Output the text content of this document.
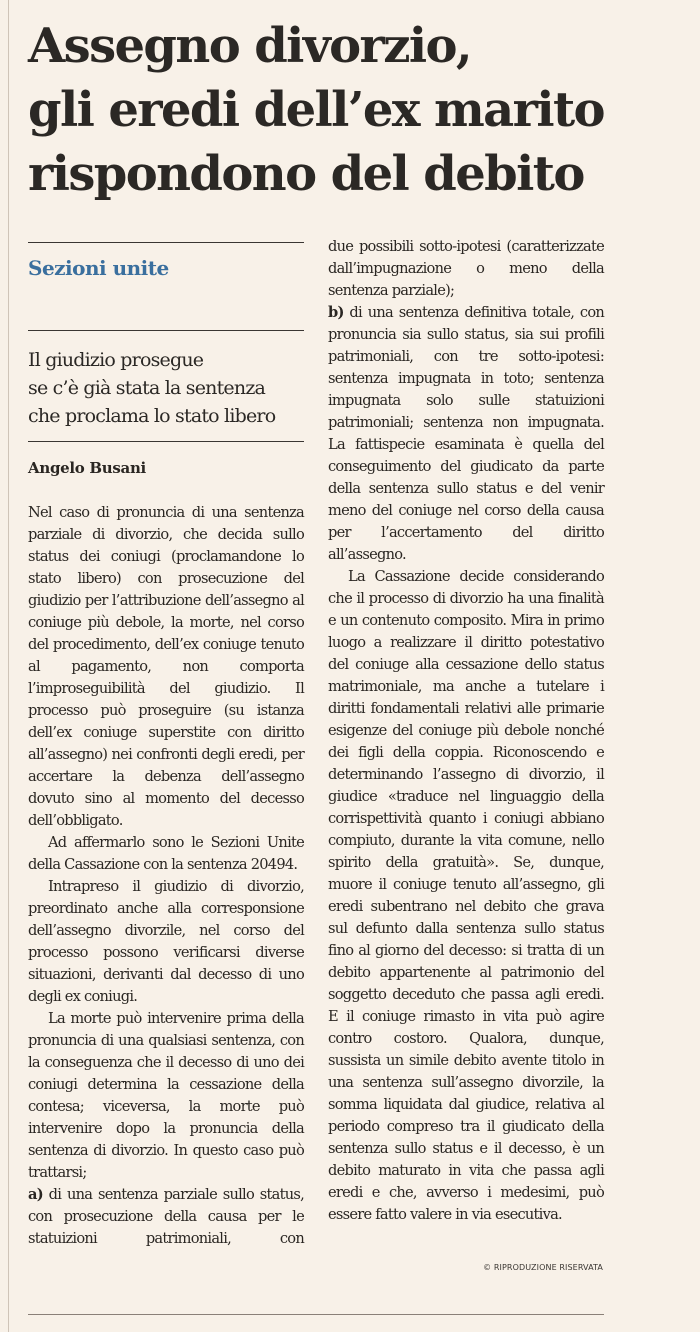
Assegno divorzio,
gli eredi dell’ex marito
rispondono del debito
Sezioni unite
Il giudizio prosegue
se c’è già stata la sentenza
che proclama lo stato libero
Angelo Busani

Nel caso di pronuncia di una sentenza parziale di divorzio, che decida sullo status dei coniugi (proclamandone lo stato libero) con prosecuzione del giudizio per l’attribuzione dell’assegno al coniuge più debole, la morte, nel corso del procedimento, dell’ex coniuge tenuto al pagamento, non comporta l’improseguibilità del giudizio. Il processo può proseguire (su istanza dell’ex coniuge superstite con diritto all’assegno) nei confronti degli eredi, per accertare la debenza dell’assegno dovuto sino al momento del decesso dell’obbligato.

Ad affermarlo sono le Sezioni Unite della Cassazione con la sentenza 20494.

Intrapreso il giudizio di divorzio, preordinato anche alla corresponsione dell’assegno divorzile, nel corso del processo possono verificarsi diverse situazioni, derivanti dal decesso di uno degli ex coniugi.

La morte può intervenire prima della pronuncia di una qualsiasi sentenza, con la conseguenza che il decesso di uno dei coniugi determina la cessazione della contesa; viceversa, la morte può intervenire dopo la pronuncia della sentenza di divorzio. In questo caso può trattarsi;

a) di una sentenza parziale sullo status, con prosecuzione della causa per le statuizioni patrimoniali, con

due possibili sotto-ipotesi (caratterizzate dall’impugnazione o meno della sentenza parziale);

b) di una sentenza definitiva totale, con pronuncia sia sullo status, sia sui profili patrimoniali, con tre sotto-ipotesi: sentenza impugnata in toto; sentenza impugnata solo sulle statuizioni patrimoniali; sentenza non impugnata. La fattispecie esaminata è quella del conseguimento del giudicato da parte della sentenza sullo status e del venir meno del coniuge nel corso della causa per l’accertamento del diritto all’assegno.

La Cassazione decide considerando che il processo di divorzio ha una finalità e un contenuto composito. Mira in primo luogo a realizzare il diritto potestativo del coniuge alla cessazione dello status matrimoniale, ma anche a tutelare i diritti fondamentali relativi alle primarie esigenze del coniuge più debole nonché dei figli della coppia. Riconoscendo e determinando l’assegno di divorzio, il giudice «traduce nel linguaggio della corrispettività quanto i coniugi abbiano compiuto, durante la vita comune, nello spirito della gratuità». Se, dunque, muore il coniuge tenuto all’assegno, gli eredi subentrano nel debito che grava sul defunto dalla sentenza sullo status fino al giorno del decesso: si tratta di un debito appartenente al patrimonio del soggetto deceduto che passa agli eredi. E il coniuge rimasto in vita può agire contro costoro. Qualora, dunque, sussista un simile debito avente titolo in una sentenza sull’assegno divorzile, la somma liquidata dal giudice, relativa al periodo compreso tra il giudicato della sentenza sullo status e il decesso, è un debito maturato in vita che passa agli eredi e che, avverso i medesimi, può essere fatto valere in via esecutiva.

© RIPRODUZIONE RISERVATA
